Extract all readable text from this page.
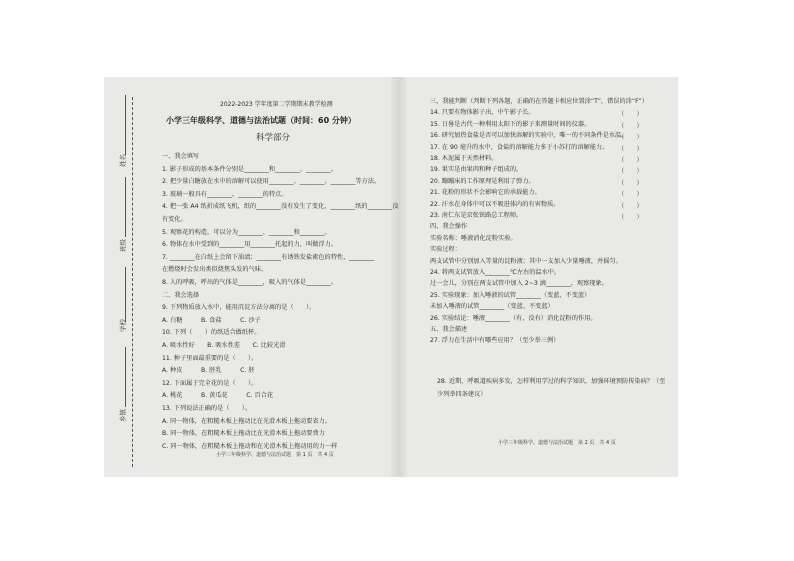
姓名
班级
学校
乡镇
2022-2023 学年度第二学期期末教学检测
小学三年级科学、道德与法治试题（时间：60 分钟）
科学部分
小学三年级科学、道德与法治试题　第 1 页　共 4 页
28. 近期，呼吸道疾病多发，怎样利用学过的科学知识，加强环境预防传染病？（至
少列举四条建议）
小学三年级科学、道德与法治试题　第 2 页　共 4 页
一、我会填写
1. 影子形成的基本条件分别是________和________、________。
2. 把少量白糖放在水中的溶解可以使用________、________、________等方法。
3. 玻璃一般具有________、________的特点。
4. 把一张 A4 纸折成纸飞机，纸的________没有发生了变化，________纸的________没
有变化。
5. 观察花的构造，可以分为________、________和________。
6. 物体在水中受到的________用________托起的力，叫做浮力。
7. ________在白纸上会留下油渍；________有诱铁发盐素色的特性，________
在燃烧时会发出类似烧焦头发的气味。
8. 人的呼吸，呼出的气体是________，吸入的气体是________。
二、我会选择
9. 下列物质放入水中，能用沉淀方法分离的是（　　）。
A. 白糖　　　B. 食盐　　　C. 沙子
10. 下列（　　）的纸适合做纸杯。
A. 吸水性好　　B. 吸水性差　　C. 比较光滑
11. 种子里面最重要的是（　　）。
A. 种皮　　　B. 胚乳　　　C. 胚
12. 下面属于完全花的是（　　）。
A. 桃花　　　B. 黄瓜花　　　C. 百合花
13. 下列说法正确的是（　　）。
A. 同一物体，在粗糙木板上拖动比在光滑木板上拖动要省力。
B. 同一物体，在粗糙木板上拖动比在光滑木板上拖动要费力
C. 同一物体，在粗糙木板上拖动和在光滑木板上拖动用的力一样
三、我能判断（判断下列各题，正确的在答题卡相应位置涂“T”，错误的涂“F”）
14. 只要有物体影子出，中午影子长。	（　　）
15. 日晷是古代一种利用太阳下的影子来测量时间的仪器。	（　　）
16. 研究加热食盐是否可以加快溶解的实验中，唯一的不同条件是水温。
（　　）
17. 在 90 毫升的水中，食盐的溶解能力多于小苏打的溶解能力。 （　　）
18. 木泥属于天然材料。	（　　）
19. 果实是由果肉和种子组成的。	（　　）
20. 蹦蹦床的工作原理是利用了弹力。	（　　）
21. 花粉的形状不会影响它的承载能力。	（　　）
22. 汗水在身体中可以不吸进体内的有害物质。	（　　）
23. 南仁东是京张铁路总工程师。	（　　）
四、我会操作
实验名称：唾液消化淀粉实验。
实验过程：
两支试管中分别加入等量的淀粉液；其中一支加入少量唾液，并摇匀。
24. 将两支试管放入________℃左右的温水中。
过一会儿，分别在两支试管中加入 2~3 滴________，观察现象。
25. 实验现象：加入唾液的试管________（变蓝、不变蓝）
未加入唾液的试管________（变蓝、不变蓝）
26. 实验结论：唾液________（有、没有）消化淀粉的作用。
五、我会描述
27. 浮力在生活中有哪些应用？（至少举三例）
